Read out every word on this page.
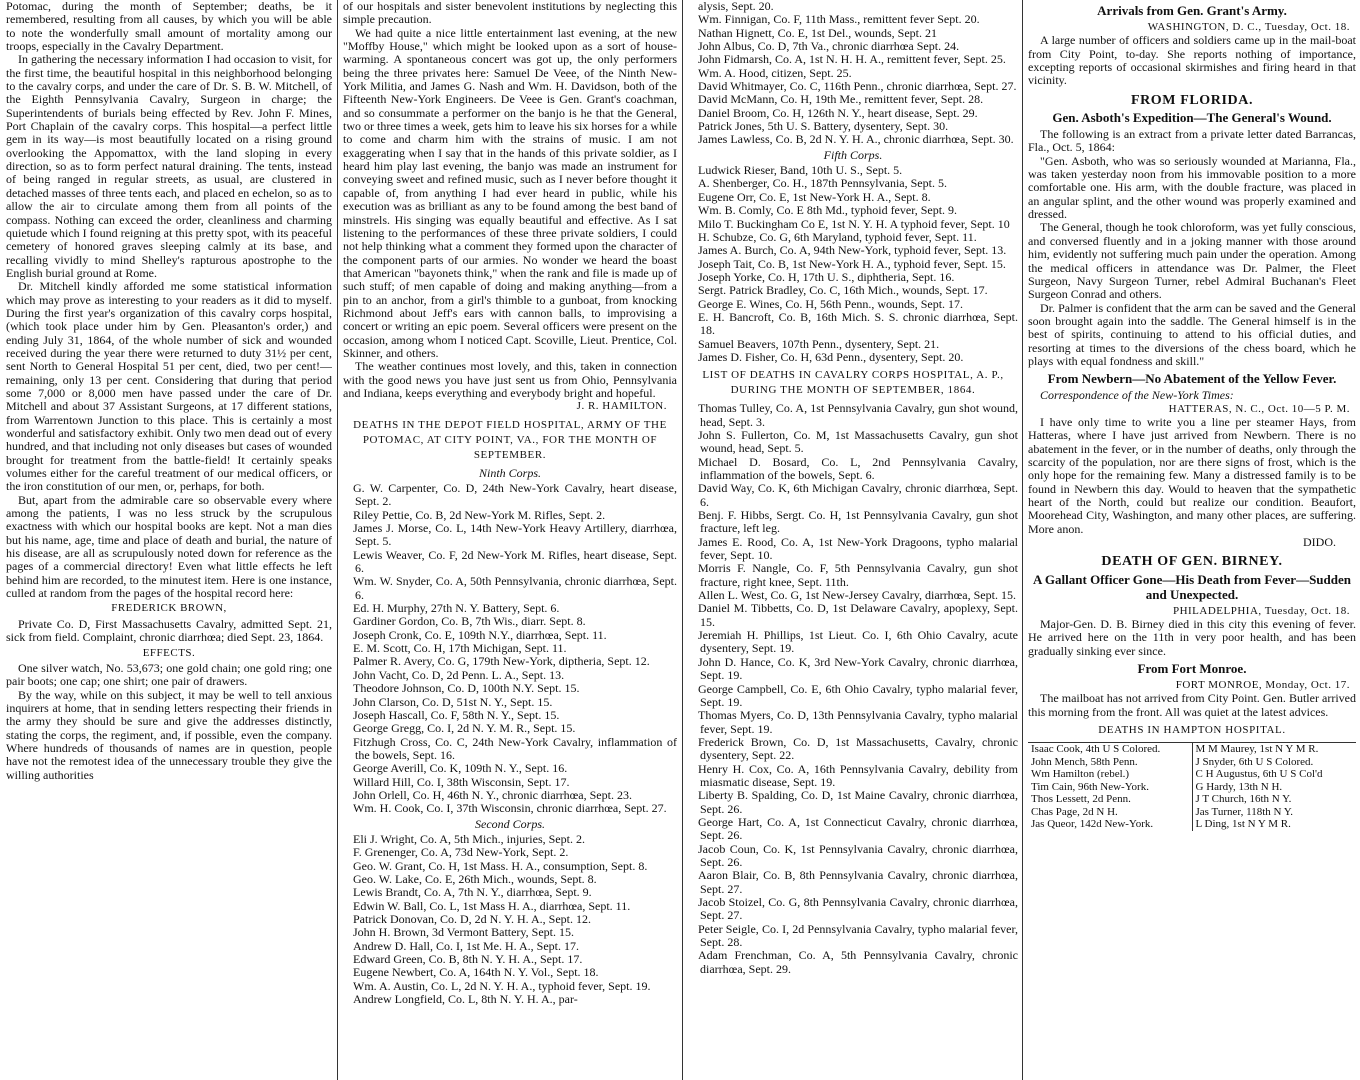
Potomac, during the month of September; deaths, be it remembered, resulting from all causes, by which you will be able to note the wonderfully small amount of mortality among our troops, especially in the Cavalry Department.
In gathering the necessary information I had occasion to visit, for the first time, the beautiful hospital in this neighborhood belonging to the cavalry corps, and under the care of Dr. S. B. W. Mitchell, of the Eighth Pennsylvania Cavalry, Surgeon in charge; the Superintendents of burials being effected by Rev. John F. Mines, Port Chaplain of the cavalry corps. This hospital—a perfect little gem in its way—is most beautifully located on a rising ground overlooking the Appomattox, with the land sloping in every direction, so as to form perfect natural draining. The tents, instead of being ranged in regular streets, as usual, are clustered in detached masses of three tents each, and placed en echelon, so as to allow the air to circulate among them from all points of the compass. Nothing can exceed the order, cleanliness and charming quietude which I found reigning at this pretty spot, with its peaceful cemetery of honored graves sleeping calmly at its base, and recalling vividly to mind Shelley's rapturous apostrophe to the English burial ground at Rome.
Dr. Mitchell kindly afforded me some statistical information which may prove as interesting to your readers as it did to myself. During the first year's organization of this cavalry corps hospital, (which took place under him by Gen. Pleasanton's order,) and ending July 31, 1864, of the whole number of sick and wounded received during the year there were returned to duty 31½ per cent, sent North to General Hospital 51 per cent, died, two per cent!—remaining, only 13 per cent. Considering that during that period some 7,000 or 8,000 men have passed under the care of Dr. Mitchell and about 37 Assistant Surgeons, at 17 different stations, from Warrentown Junction to this place. This is certainly a most wonderful and satisfactory exhibit. Only two men dead out of every hundred, and that including not only diseases but cases of wounded brought for treatment from the battle-field! It certainly speaks volumes either for the careful treatment of our medical officers, or the iron constitution of our men, or, perhaps, for both.
But, apart from the admirable care so observable every where among the patients, I was no less struck by the scrupulous exactness with which our hospital books are kept. Not a man dies but his name, age, time and place of death and burial, the nature of his disease, are all as scrupulously noted down for reference as the pages of a commercial directory! Even what little effects he left behind him are recorded, to the minutest item. Here is one instance, culled at random from the pages of the hospital record here:
FREDERICK BROWN,
Private Co. D, First Massachusetts Cavalry, admitted Sept. 21, sick from field. Complaint, chronic diarrhœa; died Sept. 23, 1864.
EFFECTS.
One silver watch, No. 53,673; one gold chain; one gold ring; one pair boots; one cap; one shirt; one pair of drawers.
By the way, while on this subject, it may be well to tell anxious inquirers at home, that in sending letters respecting their friends in the army they should be sure and give the addresses distinctly, stating the corps, the regiment, and, if possible, even the company. Where hundreds of thousands of names are in question, people have not the remotest idea of the unnecessary trouble they give the willing authorities
of our hospitals and sister benevolent institutions by neglecting this simple precaution.
We had quite a nice little entertainment last evening, at the new "Moffby House," which might be looked upon as a sort of house-warming. A spontaneous concert was got up, the only performers being the three privates here: Samuel De Veee, of the Ninth New-York Militia, and James G. Nash and Wm. H. Davidson, both of the Fifteenth New-York Engineers. De Veee is Gen. Grant's coachman, and so consummate a performer on the banjo is he that the General, two or three times a week, gets him to leave his six horses for a while to come and charm him with the strains of music. I am not exaggerating when I say that in the hands of this private soldier, as I heard him play last evening, the banjo was made an instrument for conveying sweet and refined music, such as I never before thought it capable of, from anything I had ever heard in public, while his execution was as brilliant as any to be found among the best band of minstrels. His singing was equally beautiful and effective. As I sat listening to the performances of these three private soldiers, I could not help thinking what a comment they formed upon the character of the component parts of our armies. No wonder we heard the boast that American "bayonets think," when the rank and file is made up of such stuff; of men capable of doing and making anything—from a pin to an anchor, from a girl's thimble to a gunboat, from knocking Richmond about Jeff's ears with cannon balls, to improvising a concert or writing an epic poem. Several officers were present on the occasion, among whom I noticed Capt. Scoville, Lieut. Prentice, Col. Skinner, and others.
The weather continues most lovely, and this, taken in connection with the good news you have just sent us from Ohio, Pennsylvania and Indiana, keeps everything and everybody bright and hopeful.
J. R. HAMILTON.
DEATHS IN THE DEPOT FIELD HOSPITAL, ARMY OF THE POTOMAC, AT CITY POINT, VA., FOR THE MONTH OF SEPTEMBER.
Ninth Corps.
G. W. Carpenter, Co. D, 24th New-York Cavalry, heart disease, Sept. 2.
Riley Pettie, Co. B, 2d New-York M. Rifles, Sept. 2.
James J. Morse, Co. L, 14th New-York Heavy Artillery, diarrhœa, Sept. 5.
Lewis Weaver, Co. F, 2d New-York M. Rifles, heart disease, Sept. 6.
Wm. W. Snyder, Co. A, 50th Pennsylvania, chronic diarrhœa, Sept. 6.
Ed. H. Murphy, 27th N. Y. Battery, Sept. 6.
Gardiner Gordon, Co. B, 7th Wis., diarr. Sept. 8.
Joseph Cronk, Co. E, 109th N.Y., diarrhœa, Sept. 11.
E. M. Scott, Co. H, 17th Michigan, Sept. 11.
Palmer R. Avery, Co. G, 179th New-York, diptheria, Sept. 12.
John Vacht, Co. D, 2d Penn. L. A., Sept. 13.
Theodore Johnson, Co. D, 100th N.Y. Sept. 15.
John Clarson, Co. D, 51st N. Y., Sept. 15.
Joseph Hascall, Co. F, 58th N. Y., Sept. 15.
George Gregg, Co. I, 2d N. Y. M. R., Sept. 15.
Fitzhugh Cross, Co. C, 24th New-York Cavalry, inflammation of the bowels, Sept. 16.
George Averill, Co. K, 109th N. Y., Sept. 16.
Willard Hill, Co. I, 38th Wisconsin, Sept. 17.
John Orlell, Co. H, 46th N. Y., chronic diarrhœa, Sept. 23.
Wm. H. Cook, Co. I, 37th Wisconsin, chronic diarrhœa, Sept. 27.
Second Corps.
Eli J. Wright, Co. A, 5th Mich., injuries, Sept. 2.
F. Grenenger, Co. A, 73d New-York, Sept. 2.
Geo. W. Grant, Co. H, 1st Mass. H. A., consumption, Sept. 8.
Geo. W. Lake, Co. E, 26th Mich., wounds, Sept. 8.
Lewis Brandt, Co. A, 7th N. Y., diarrhœa, Sept. 9.
Edwin W. Ball, Co. L, 1st Mass H. A., diarrhœa, Sept. 11.
Patrick Donovan, Co. D, 2d N. Y. H. A., Sept. 12.
John H. Brown, 3d Vermont Battery, Sept. 15.
Andrew D. Hall, Co. I, 1st Me. H. A., Sept. 17.
Edward Green, Co. B, 8th N. Y. H. A., Sept. 17.
Eugene Newbert, Co. A, 164th N. Y. Vol., Sept. 18.
Wm. A. Austin, Co. L, 2d N. Y. H. A., typhoid fever, Sept. 19.
Andrew Longfield, Co. L, 8th N. Y. H. A., par-
alysis, Sept. 20.
Wm. Finnigan, Co. F, 11th Mass., remittent fever Sept. 20.
Nathan Hignett, Co. E, 1st Del., wounds, Sept. 21
John Albus, Co. D, 7th Va., chronic diarrhœa Sept. 24.
John Fidmarsh, Co. A, 1st N. H. H. A., remittent fever, Sept. 25.
Wm. A. Hood, citizen, Sept. 25.
David Whitmayer, Co. C, 116th Penn., chronic diarrhœa, Sept. 27.
David McMann, Co. H, 19th Me., remittent fever, Sept. 28.
Daniel Broom, Co. H, 126th N. Y., heart disease, Sept. 29.
Patrick Jones, 5th U. S. Battery, dysentery, Sept. 30.
James Lawless, Co. B, 2d N. Y. H. A., chronic diarrhœa, Sept. 30.
Fifth Corps.
Ludwick Rieser, Band, 10th U. S., Sept. 5.
A. Shenberger, Co. H., 187th Pennsylvania, Sept. 5.
Eugene Orr, Co. E, 1st New-York H. A., Sept. 8.
Wm. B. Comly, Co. E 8th Md., typhoid fever, Sept. 9.
Milo T. Buckingham Co E, 1st N. Y. H. A typhoid fever, Sept. 10
H. Schubze, Co. G, 6th Maryland, typhoid fever, Sept. 11.
James A. Burch, Co. A, 94th New-York, typhoid fever, Sept. 13.
Joseph Tait, Co. B, 1st New-York H. A., typhoid fever, Sept. 15.
Joseph Yorke, Co. H, 17th U. S., diphtheria, Sept. 16.
Sergt. Patrick Bradley, Co. C, 16th Mich., wounds, Sept. 17.
George E. Wines, Co. H, 56th Penn., wounds, Sept. 17.
E. H. Bancroft, Co. B, 16th Mich. S. S. chronic diarrhœa, Sept. 18.
Samuel Beavers, 107th Penn., dysentery, Sept. 21.
James D. Fisher, Co. H, 63d Penn., dysentery, Sept. 20.
LIST OF DEATHS IN CAVALRY CORPS HOSPITAL, A. P., DURING THE MONTH OF SEPTEMBER, 1864.
Thomas Tulley, Co. A, 1st Pennsylvania Cavalry, gun shot wound, head, Sept. 3.
John S. Fullerton, Co. M, 1st Massachusetts Cavalry, gun shot wound, head, Sept. 5.
Michael D. Bosard, Co. L, 2nd Pennsylvania Cavalry, inflammation of the bowels, Sept. 6.
David Way, Co. K, 6th Michigan Cavalry, chronic diarrhœa, Sept. 6.
Benj. F. Hibbs, Sergt. Co. H, 1st Pennsylvania Cavalry, gun shot fracture, left leg.
James E. Rood, Co. A, 1st New-York Dragoons, typho malarial fever, Sept. 10.
Morris F. Nangle, Co. F, 5th Pennsylvania Cavalry, gun shot fracture, right knee, Sept. 11th.
Allen L. West, Co. G, 1st New-Jersey Cavalry, diarrhœa, Sept. 15.
Daniel M. Tibbetts, Co. D, 1st Delaware Cavalry, apoplexy, Sept. 15.
Jeremiah H. Phillips, 1st Lieut. Co. I, 6th Ohio Cavalry, acute dysentery, Sept. 19.
John D. Hance, Co. K, 3rd New-York Cavalry, chronic diarrhœa, Sept. 19.
George Campbell, Co. E, 6th Ohio Cavalry, typho malarial fever, Sept. 19.
Thomas Myers, Co. D, 13th Pennsylvania Cavalry, typho malarial fever, Sept. 19.
Frederick Brown, Co. D, 1st Massachusetts, Cavalry, chronic dysentery, Sept. 22.
Henry H. Cox, Co. A, 16th Pennsylvania Cavalry, debility from miasmatic disease, Sept. 19.
Liberty B. Spalding, Co. D, 1st Maine Cavalry, chronic diarrhœa, Sept. 26.
George Hart, Co. A, 1st Connecticut Cavalry, chronic diarrhœa, Sept. 26.
Jacob Coun, Co. K, 1st Pennsylvania Cavalry, chronic diarrhœa, Sept. 26.
Aaron Blair, Co. B, 8th Pennsylvania Cavalry, chronic diarrhœa, Sept. 27.
Jacob Stoizel, Co. G, 8th Pennsylvania Cavalry, chronic diarrhœa, Sept. 27.
Peter Seigle, Co. I, 2d Pennsylvania Cavalry, typho malarial fever, Sept. 28.
Adam Frenchman, Co. A, 5th Pennsylvania Cavalry, chronic diarrhœa, Sept. 29.
Arrivals from Gen. Grant's Army.
WASHINGTON, D. C., Tuesday, Oct. 18.
A large number of officers and soldiers came up in the mail-boat from City Point, to-day. She reports nothing of importance, excepting reports of occasional skirmishes and firing heard in that vicinity.
FROM FLORIDA.
Gen. Asboth's Expedition—The General's Wound.
The following is an extract from a private letter dated Barrancas, Fla., Oct. 5, 1864:
"Gen. Asboth, who was so seriously wounded at Marianna, Fla., was taken yesterday noon from his immovable position to a more comfortable one. His arm, with the double fracture, was placed in an angular splint, and the other wound was properly examined and dressed.
The General, though he took chloroform, was yet fully conscious, and conversed fluently and in a joking manner with those around him, evidently not suffering much pain under the operation. Among the medical officers in attendance was Dr. Palmer, the Fleet Surgeon, Navy Surgeon Turner, rebel Admiral Buchanan's Fleet Surgeon Conrad and others.
Dr. Palmer is confident that the arm can be saved and the General soon brought again into the saddle. The General himself is in the best of spirits, continuing to attend to his official duties, and resorting at times to the diversions of the chess board, which he plays with equal fondness and skill."
From Newbern—No Abatement of the Yellow Fever.
Correspondence of the New-York Times:
HATTERAS, N. C., Oct. 10—5 P. M.
I have only time to write you a line per steamer Hays, from Hatteras, where I have just arrived from Newbern. There is no abatement in the fever, or in the number of deaths, only through the scarcity of the population, nor are there signs of frost, which is the only hope for the remaining few. Many a distressed family is to be found in Newbern this day. Would to heaven that the sympathetic heart of the North, could but realize our condition. Beaufort, Moorehead City, Washington, and many other places, are suffering. More anon.
DIDO.
DEATH OF GEN. BIRNEY.
A Gallant Officer Gone—His Death from Fever—Sudden and Unexpected.
PHILADELPHIA, Tuesday, Oct. 18.
Major-Gen. D. B. Birney died in this city this evening of fever. He arrived here on the 11th in very poor health, and has been gradually sinking ever since.
From Fort Monroe.
FORT MONROE, Monday, Oct. 17.
The mailboat has not arrived from City Point. Gen. Butler arrived this morning from the front. All was quiet at the latest advices.
DEATHS IN HAMPTON HOSPITAL.
Isaac Cook, 4th U S Colored.
John Mench, 58th Penn.
Wm Hamilton (rebel.)
Tim Cain, 96th New-York.
Thos Lessett, 2d Penn.
Chas Page, 2d N H.
Jas Queor, 142d New-York.
M M Maurey, 1st N Y M R.
J Snyder, 6th U S Colored.
C H Augustus, 6th U S Col'd
G Hardy, 13th N H.
J T Church, 16th N Y.
Jas Turner, 118th N Y.
L Ding, 1st N Y M R.
